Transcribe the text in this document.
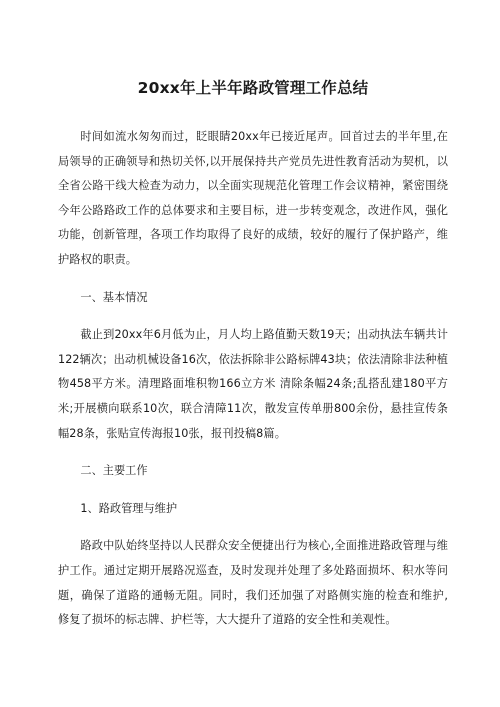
20xx年上半年路政管理工作总结

时间如流水匆匆而过，眨眼睛20xx年已接近尾声。回首过去的半年里,在局领导的正确领导和热切关怀,以开展保持共产党员先进性教育活动为契机，以全省公路干线大检查为动力，以全面实现规范化管理工作会议精神，紧密围绕今年公路路政工作的总体要求和主要目标，进一步转变观念，改进作风，强化功能，创新管理，各项工作均取得了良好的成绩，较好的履行了保护路产，维护路权的职责。

一、基本情况

截止到20xx年6月低为止，月人均上路值勤天数19天；出动执法车辆共计122辆次；出动机械设备16次，依法拆除非公路标牌43块；依法清除非法种植物458平方米。清理路面堆积物166立方米 清除条幅24条;乱搭乱建180平方米;开展横向联系10次，联合清障11次，散发宣传单册800余份，悬挂宣传条幅28条，张贴宣传海报10张，报刊投稿8篇。

二、主要工作

1、路政管理与维护

路政中队始终坚持以人民群众安全便捷出行为核心,全面推进路政管理与维护工作。通过定期开展路况巡查，及时发现并处理了多处路面损坏、积水等问题，确保了道路的通畅无阻。同时，我们还加强了对路侧实施的检查和维护, 修复了损坏的标志牌、护栏等，大大提升了道路的安全性和美观性。
